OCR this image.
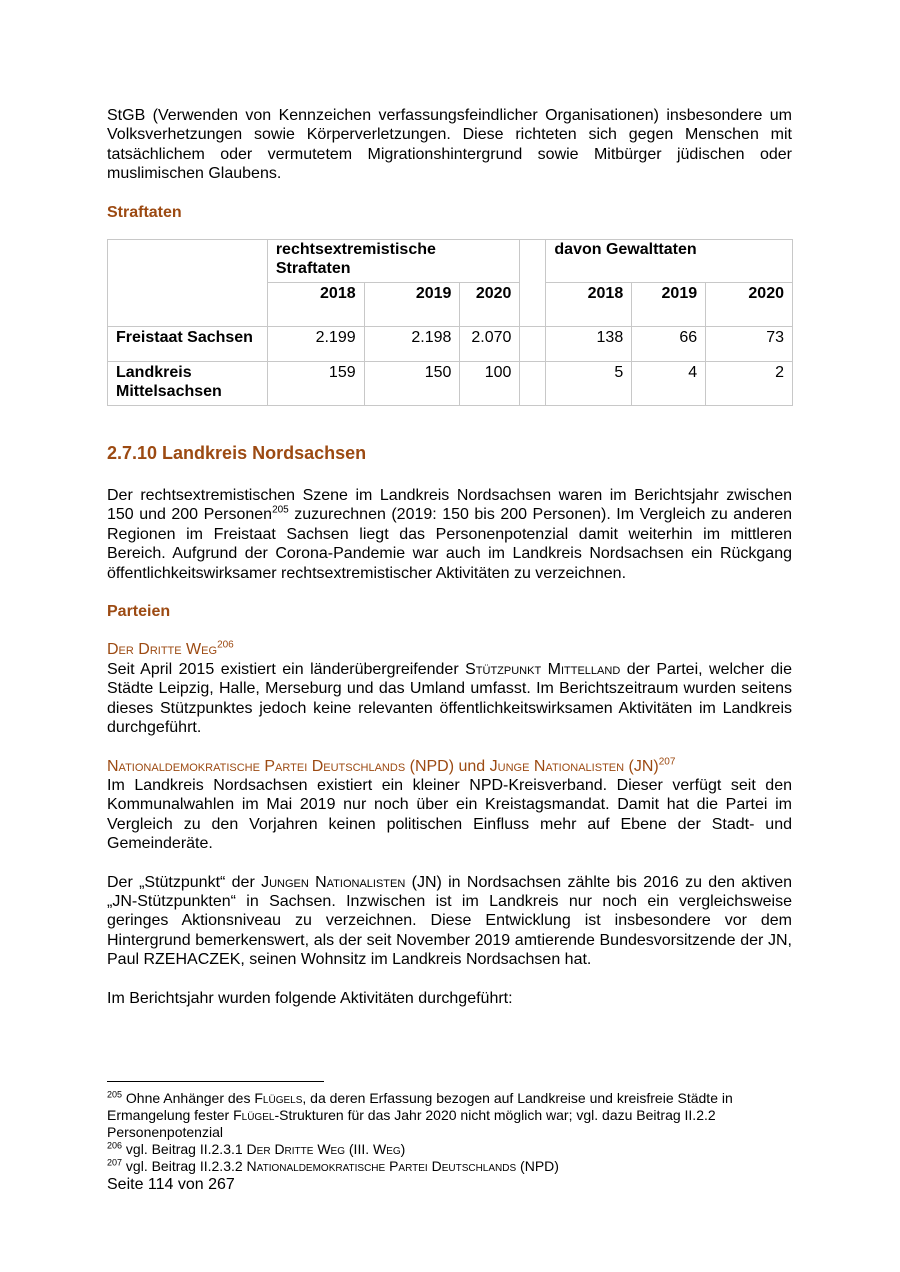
StGB (Verwenden von Kennzeichen verfassungsfeindlicher Organisationen) insbesondere um Volksverhetzungen sowie Körperverletzungen. Diese richteten sich gegen Menschen mit tatsächlichem oder vermutetem Migrationshintergrund sowie Mitbürger jüdischen oder muslimischen Glaubens.

Straftaten
	rechtsextremistische Straftaten				davon Gewalttaten		
	2018	2019	2020		2018	2019	2020
Freistaat Sachsen	2.199	2.198	2.070		138	66	73
Landkreis Mittelsachsen	159	150	100		5	4	2
2.7.10 Landkreis Nordsachsen

Der rechtsextremistischen Szene im Landkreis Nordsachsen waren im Berichtsjahr zwischen 150 und 200 Personen$^{205}$ zuzurechnen (2019: 150 bis 200 Personen). Im Vergleich zu anderen Regionen im Freistaat Sachsen liegt das Personenpotenzial damit weiterhin im mittleren Bereich. Aufgrund der Corona-Pandemie war auch im Landkreis Nordsachsen ein Rückgang öffentlichkeitswirksamer rechtsextremistischer Aktivitäten zu verzeichnen.

Parteien

Der Dritte Weg$^{206}$

Seit April 2015 existiert ein länderübergreifender Stützpunkt Mittelland der Partei, welcher die Städte Leipzig, Halle, Merseburg und das Umland umfasst. Im Berichtszeitraum wurden seitens dieses Stützpunktes jedoch keine relevanten öffentlichkeitswirksamen Aktivitäten im Landkreis durchgeführt.

Nationaldemokratische Partei Deutschlands (NPD) und Junge Nationalisten (JN)$^{207}$

Im Landkreis Nordsachsen existiert ein kleiner NPD-Kreisverband. Dieser verfügt seit den Kommunalwahlen im Mai 2019 nur noch über ein Kreistagsmandat. Damit hat die Partei im Vergleich zu den Vorjahren keinen politischen Einfluss mehr auf Ebene der Stadt- und Gemeinderäte.

Der „Stützpunkt“ der Jungen Nationalisten (JN) in Nordsachsen zählte bis 2016 zu den aktiven „JN-Stützpunkten“ in Sachsen. Inzwischen ist im Landkreis nur noch ein vergleichsweise geringes Aktionsniveau zu verzeichnen. Diese Entwicklung ist insbesondere vor dem Hintergrund bemerkenswert, als der seit November 2019 amtierende Bundesvorsitzende der JN, Paul RZEHACZEK, seinen Wohnsitz im Landkreis Nordsachsen hat.

Im Berichtsjahr wurden folgende Aktivitäten durchgeführt:

$^{205}$ Ohne Anhänger des Flügels, da deren Erfassung bezogen auf Landkreise und kreisfreie Städte in Ermangelung fester Flügel-Strukturen für das Jahr 2020 nicht möglich war; vgl. dazu Beitrag II.2.2 Personenpotenzial

$^{206}$ vgl. Beitrag II.2.3.1 Der Dritte Weg (III. Weg)

$^{207}$ vgl. Beitrag II.2.3.2 Nationaldemokratische Partei Deutschlands (NPD)

Seite 114 von 267
